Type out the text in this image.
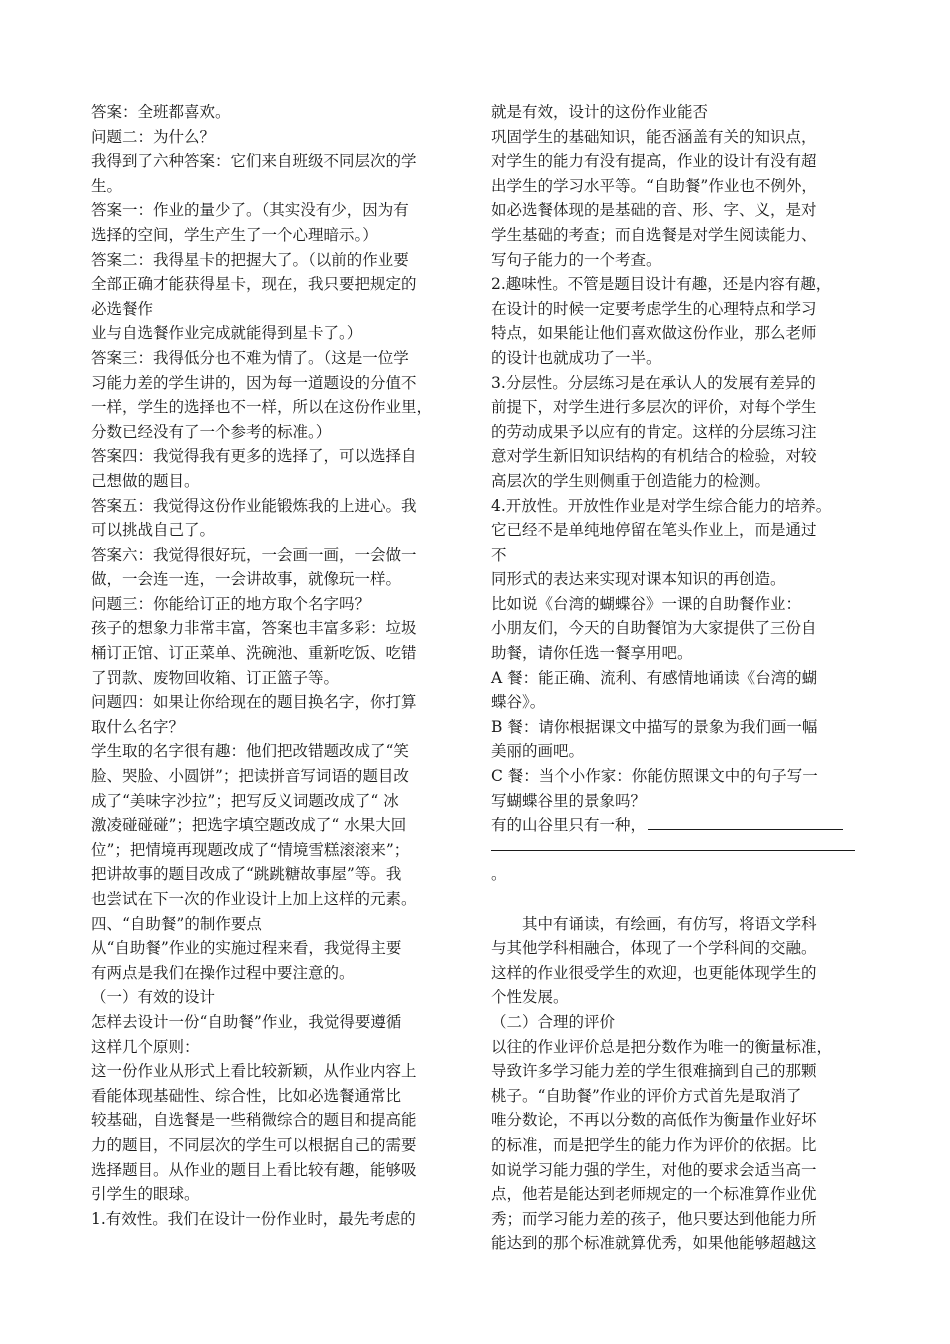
答案：全班都喜欢。
问题二：为什么？
我得到了六种答案：它们来自班级不同层次的学
生。
答案一：作业的量少了。（其实没有少，因为有
选择的空间，学生产生了一个心理暗示。）
答案二：我得星卡的把握大了。（以前的作业要
全部正确才能获得星卡，现在，我只要把规定的
必选餐作
业与自选餐作业完成就能得到星卡了。）
答案三：我得低分也不难为情了。（这是一位学
习能力差的学生讲的，因为每一道题设的分值不
一样，学生的选择也不一样，所以在这份作业里，
分数已经没有了一个参考的标准。）
答案四：我觉得我有更多的选择了，可以选择自
己想做的题目。
答案五：我觉得这份作业能锻炼我的上进心。我
可以挑战自己了。
答案六：我觉得很好玩，一会画一画，一会做一
做，一会连一连，一会讲故事，就像玩一样。
问题三：你能给订正的地方取个名字吗？
孩子的想象力非常丰富，答案也丰富多彩：垃圾
桶订正馆、订正菜单、洗碗池、重新吃饭、吃错
了罚款、废物回收箱、订正篮子等。
问题四：如果让你给现在的题目换名字，你打算
取什么名字？
学生取的名字很有趣：他们把改错题改成了“笑
脸、哭脸、小圆饼”；把读拼音写词语的题目改
成了“美味字沙拉”；把写反义词题改成了“ 冰
激凌碰碰碰”；把选字填空题改成了“ 水果大回
位”；把情境再现题改成了“情境雪糕滚滚来”；
把讲故事的题目改成了“跳跳糖故事屋”等。我
也尝试在下一次的作业设计上加上这样的元素。
四、“自助餐”的制作要点
从“自助餐”作业的实施过程来看，我觉得主要
有两点是我们在操作过程中要注意的。
（一）有效的设计
怎样去设计一份“自助餐”作业，我觉得要遵循
这样几个原则：
这一份作业从形式上看比较新颖，从作业内容上
看能体现基础性、综合性，比如必选餐通常比
较基础，自选餐是一些稍微综合的题目和提高能
力的题目，不同层次的学生可以根据自己的需要
选择题目。从作业的题目上看比较有趣，能够吸
引学生的眼球。
1.有效性。我们在设计一份作业时，最先考虑的
就是有效，设计的这份作业能否
巩固学生的基础知识，能否涵盖有关的知识点，
对学生的能力有没有提高，作业的设计有没有超
出学生的学习水平等。“自助餐”作业也不例外，
如必选餐体现的是基础的音、形、字、义，是对
学生基础的考查；而自选餐是对学生阅读能力、
写句子能力的一个考查。
2.趣味性。不管是题目设计有趣，还是内容有趣，
在设计的时候一定要考虑学生的心理特点和学习
特点，如果能让他们喜欢做这份作业，那么老师
的设计也就成功了一半。
3.分层性。分层练习是在承认人的发展有差异的
前提下，对学生进行多层次的评价，对每个学生
的劳动成果予以应有的肯定。这样的分层练习注
意对学生新旧知识结构的有机结合的检验，对较
高层次的学生则侧重于创造能力的检测。
4.开放性。开放性作业是对学生综合能力的培养。
它已经不是单纯地停留在笔头作业上，而是通过
不
同形式的表达来实现对课本知识的再创造。
比如说《台湾的蝴蝶谷》一课的自助餐作业：
小朋友们，今天的自助餐馆为大家提供了三份自
助餐，请你任选一餐享用吧。
A 餐：能正确、流利、有感情地诵读《台湾的蝴
蝶谷》。
B 餐：请你根据课文中描写的景象为我们画一幅
美丽的画吧。
C 餐：当个小作家：你能仿照课文中的句子写一
写蝴蝶谷里的景象吗？
有的山谷里只有一种，
。
　　其中有诵读，有绘画，有仿写，将语文学科
与其他学科相融合，体现了一个学科间的交融。
这样的作业很受学生的欢迎，也更能体现学生的
个性发展。
（二）合理的评价
以往的作业评价总是把分数作为唯一的衡量标准，
导致许多学习能力差的学生很难摘到自己的那颗
桃子。“自助餐”作业的评价方式首先是取消了
唯分数论，不再以分数的高低作为衡量作业好坏
的标准，而是把学生的能力作为评价的依据。比
如说学习能力强的学生，对他的要求会适当高一
点，他若是能达到老师规定的一个标准算作业优
秀；而学习能力差的孩子，他只要达到他能力所
能达到的那个标准就算优秀，如果他能够超越这
